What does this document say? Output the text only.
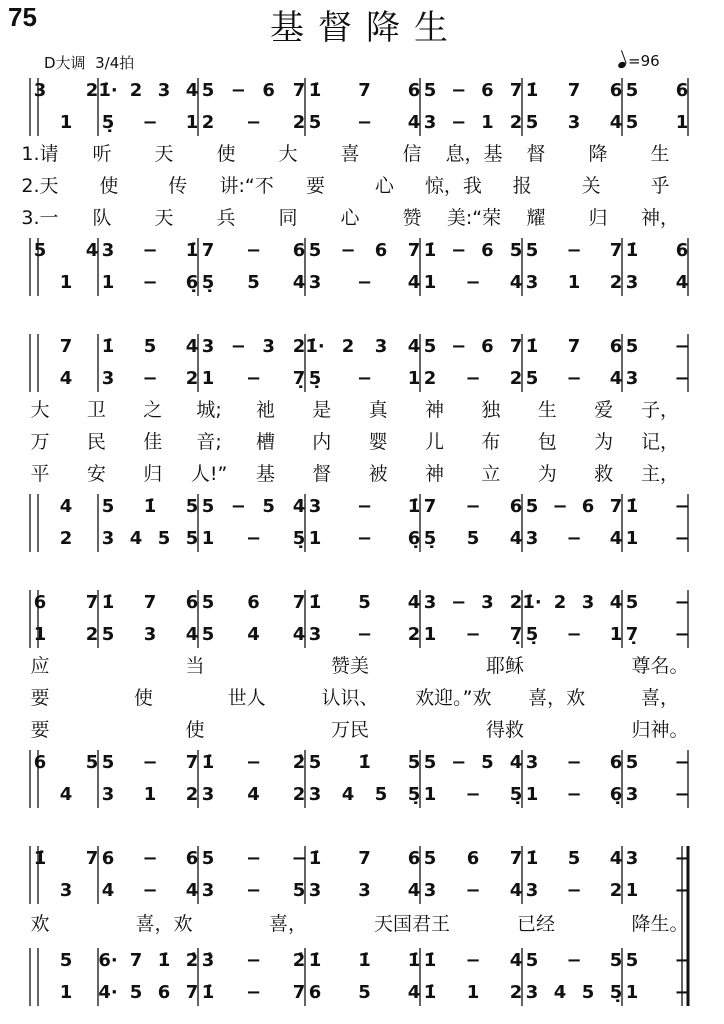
75	基督降生
D大调 3/4拍	=96
3 2 1̇· 2 3 4 5 − 6 7 1̇ 7 6 5 − 6 7 1̇ 7 6 5 6
1 5̣ − 1 2 − 2 5 − 4 3 − 1 2 5 3 4 5 1
1.请 听 天 使 大 喜 信 息，基 督 降 生
2.天 使	传 讲:“不 要	心 惊，我 报	关	乎
3.一 队 天 兵 同 心 赞 美:“荣 耀 归 神，
5 4 3 − 1̇ 7 − 6 5 − 6 7 1̇ − 6 5 5 − 7 1̇ 6
1 1 − 6̣ 5̣ 5 4 3 − 4 1 − 4 3 1 2 3 4
7 1̇ 5 4 3 − 3 2 1̇· 2 3 4 5 − 6 7 1̇ 7 6 5 −
4 3 − 2 1 − 7̣ 5̣ − 1 2 − 2 5 − 4 3 −
大 卫 之 城; 祂 是 真 神 独 生 爱 子，
万 民 佳 音; 槽 内 婴 儿 布 包 为 记，
平 安 归 人!” 基 督 被 神 立 为 救 主，
4 5 1̇ 5 5 − 5 4 3 − 1̇ 7 − 6 5 − 6 7 1̇ −
2 3 4 5 5 1 − 5̣ 1 − 6̣ 5̣ 5 4 3 − 4 1 −
6 7 1̇ 7 6 5 6 7 1̇ 5 4 3 − 3 2 1̇· 2 3 4 5 −
1 2 5 3 4 5 4 4 3 − 2 1 − 7̣ 5̣ − 1 7̣ −
应	当	赞美	耶稣	尊名。
要	使	世人	认识、 欢迎。”欢 喜，欢	喜，
要	使	万民	得救	归神。
6 5 5 − 7 1̇ − 2̇ 5 1̇ 5 5 − 5 4 3 − 6 5 −
4 3 1 2 3 4 2 3 4 5 5̣ 1 − 5̣ 1 − 6̣ 3 −
1̇ 7 6 − 6 5 − − 1̇ 7 6 5 6 7 1̇ 5 4 3 −
3 4 − 4 3 − 5 3 3 4 3 − 4 3 − 2 1 −
欢	喜，欢	喜，	天国君王	已经	降生。
5 6· 7 1̇ 2̇ 3̇ − 2̇ 1̇ 1̇ 1̇ 1̇ − 4 5 − 5 5 −
1 4· 5 6 7 1̇ − 7 6 5 4 1̇ 1 2 3 4 5 5̣ 1 −
